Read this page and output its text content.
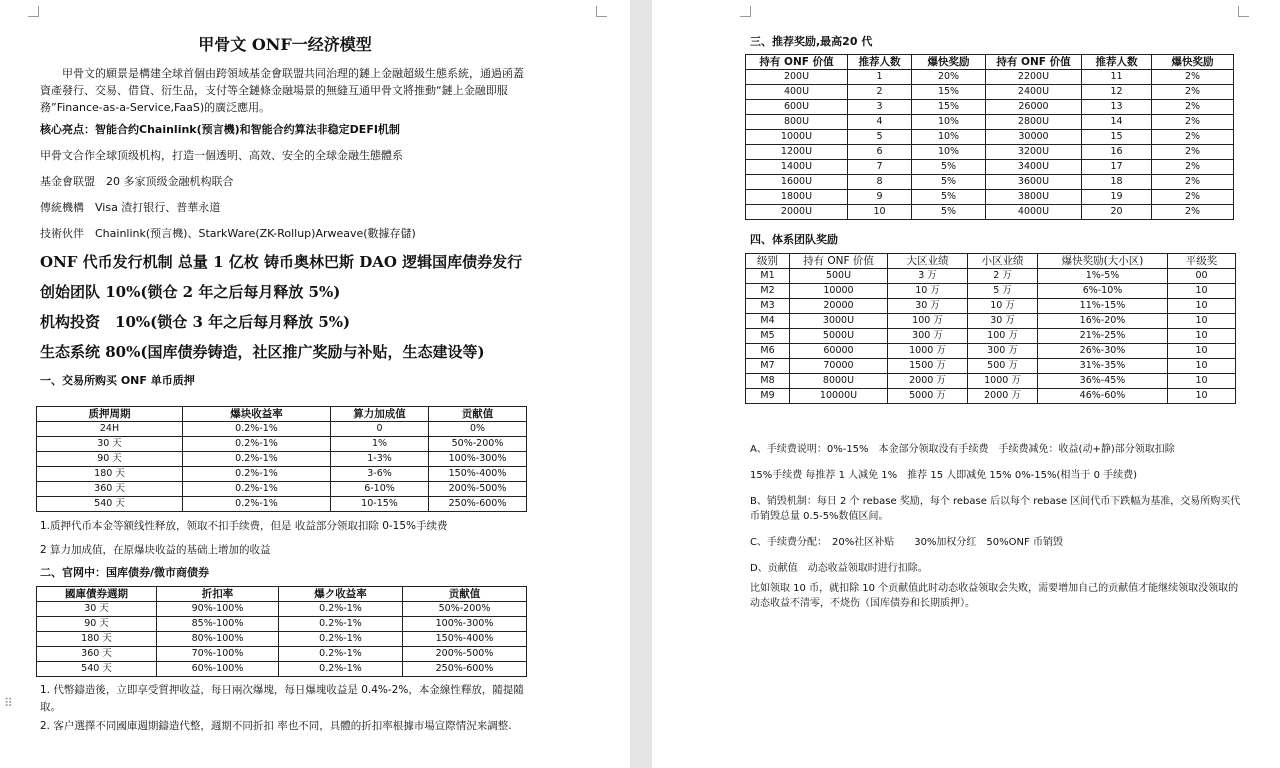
⠿

甲骨文 ONF一经济模型

甲骨文的願景是構建全球首個由跨領域基金會联盟共同治理的鏈上金融超級生態系統，通過函蓋資產發行、交易、借貸、衍生品，支付等全鏈條金融場景的無縫互通甲骨文將推動“鏈上金融即服務”Finance-as-a-Service,FaaS)的廣泛應用。

核心亮点：智能合约Chainlink(预言機)和智能合约算法非稳定DEFI机制

甲骨文合作全球顶级机构，打造一個透明、高效、安全的全球金融生態體系

基金會联盟　20 多家顶级金融机构联合

傳統機構　Visa 渣打银行、普華永道

技術伙伴　Chainlink(预言機)、StarkWare(ZK-Rollup)Arweave(數據存儲)

ONF 代币发行机制 总量 1 亿枚 铸币奥林巴斯 DAO 逻辑国库债券发行

创始团队 10%(锁仓 2 年之后每月释放 5%)

机构投资　10%(锁仓 3 年之后每月释放 5%)

生态系统 80%(国库债券铸造，社区推广奖励与补贴，生态建设等)

一、交易所购买 ONF 单币质押

质押周期	爆块收益率	算力加成值	贡献值
24H	0.2%-1%	0	0%
30 天	0.2%-1%	1%	50%-200%
90 天	0.2%-1%	1-3%	100%-300%
180 天	0.2%-1%	3-6%	150%-400%
360 天	0.2%-1%	6-10%	200%-500%
540 天	0.2%-1%	10-15%	250%-600%

1.质押代币本金等额线性释放，领取不扣手续费，但是 收益部分领取扣除 0-15%手续费

2 算力加成值，在原爆块收益的基础上增加的收益

二、官网中：国库债券/微市商债券

國庫債券週期	折扣率	爆ク收益率	贡献值
30 天	90%-100%	0.2%-1%	50%-200%
90 天	85%-100%	0.2%-1%	100%-300%
180 天	80%-100%	0.2%-1%	150%-400%
360 天	70%-100%	0.2%-1%	200%-500%
540 天	60%-100%	0.2%-1%	250%-600%

1. 代幣鑄造後，立即享受質押收益，每日兩次爆塊，每日爆塊收益是 0.4%-2%，本金線性釋放，隨提隨取。

2. 客户選擇不同國庫週期鑄造代整，週期不同折扣 率也不同，具體的折扣率根據市場宣際情況来調整.

三、推荐奖励,最高20 代

持有 ONF 价值	推荐人数	爆快奖励	持有 ONF 价值	推荐人数	爆快奖励
200U	1	20%	2200U	11	2%
400U	2	15%	2400U	12	2%
600U	3	15%	26000	13	2%
800U	4	10%	2800U	14	2%
1000U	5	10%	30000	15	2%
1200U	6	10%	3200U	16	2%
1400U	7	5%	3400U	17	2%
1600U	8	5%	3600U	18	2%
1800U	9	5%	3800U	19	2%
2000U	10	5%	4000U	20	2%

四、体系团队奖励

级别	持有 ONF 价值	大区业绩	小区业绩	爆快奖励(大小区)	平级奖
M1	500U	3 万	2 万	1%-5%	00
M2	10000	10 万	5 万	6%-10%	10
M3	20000	30 万	10 万	11%-15%	10
M4	3000U	100 万	30 万	16%-20%	10
M5	5000U	300 万	100 万	21%-25%	10
M6	60000	1000 万	300 万	26%-30%	10
M7	70000	1500 万	500 万	31%-35%	10
M8	8000U	2000 万	1000 万	36%-45%	10
M9	10000U	5000 万	2000 万	46%-60%	10

A、手续费说明：0%-15%　本金部分领取没有手续费　手续费减免：收益(动+静)部分领取扣除

15%手续费 每推荐 1 人减免 1%　推荐 15 人即减免 15% 0%-15%(相当于 0 手续费)

B、销毁机制：每日 2 个 rebase 奖励，每个 rebase 后以每个 rebase 区间代币下跌幅为基准，交易所购买代币销毁总量 0.5-5%数值区间。

C、手续费分配：　20%社区补贴　　30%加权分红　50%ONF 币销毁

D、贡献值　动态收益领取时进行扣除。

比如领取 10 币，就扣除 10 个贡献值此时动态收益领取会失败，需要增加自己的贡献值才能继续领取没领取的动态收益不清零，不烧伤（国库债券和长期质押）。
